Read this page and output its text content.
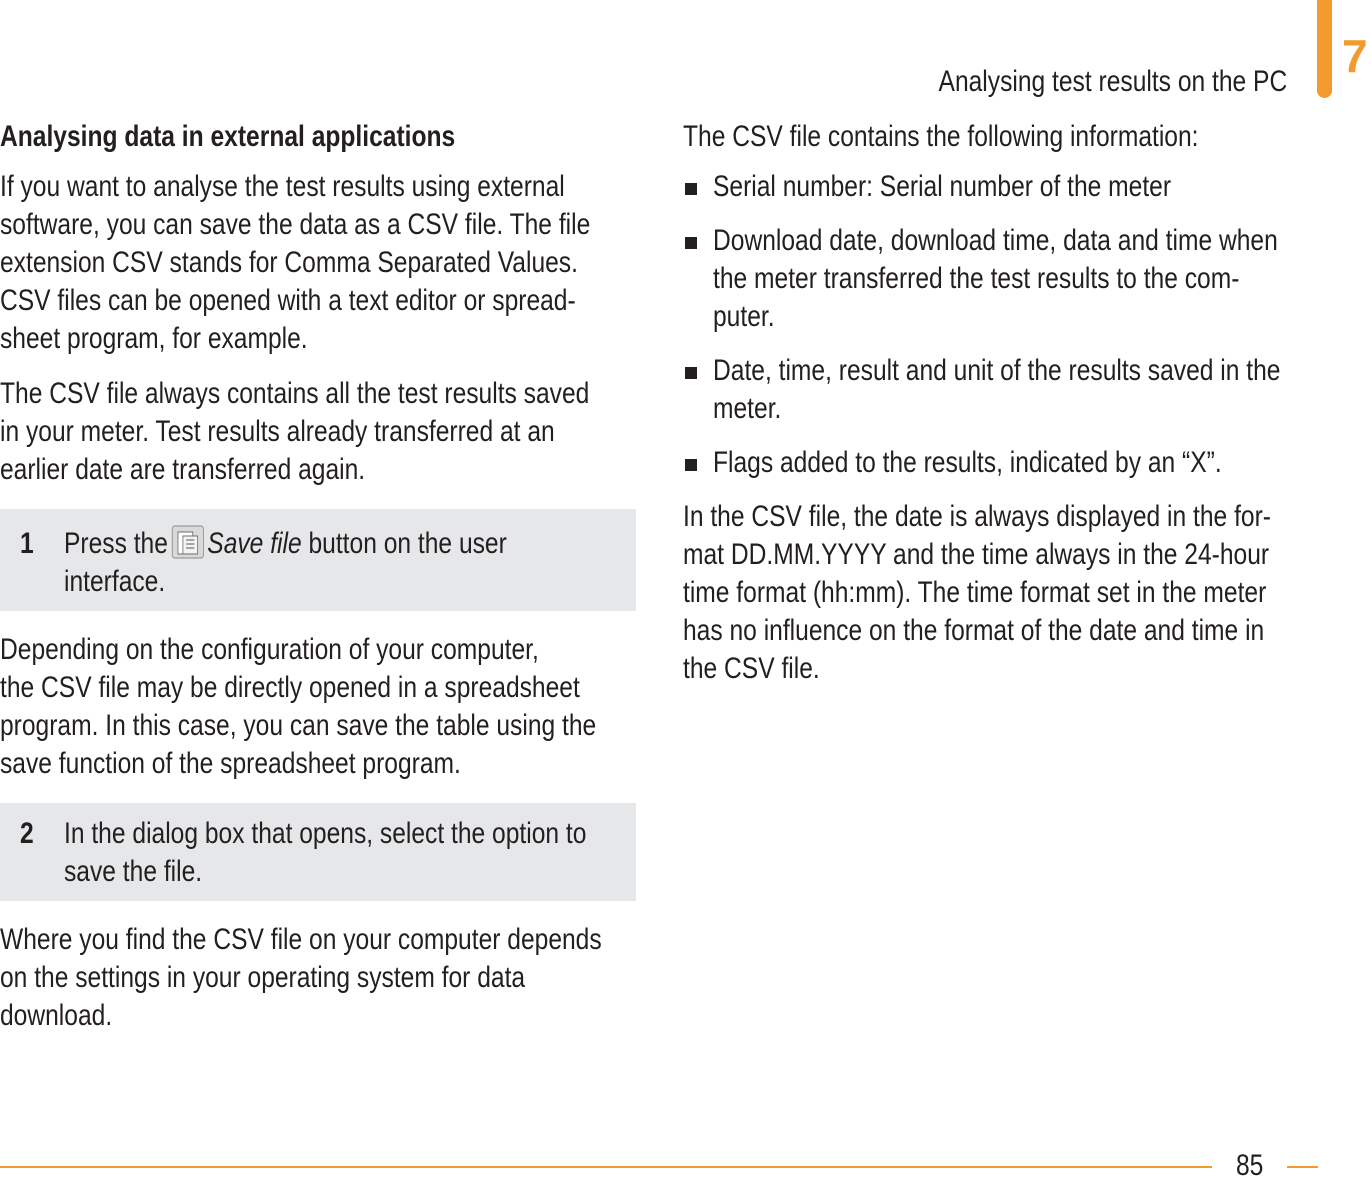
Analysing test results on the PC 7
Analysing data in external applications

If you want to analyse the test results using external

software, you can save the data as a CSV file. The file

extension CSV stands for Comma Separated Values.

CSV files can be opened with a text editor or spread-

sheet program, for example.

The CSV file always contains all the test results saved

in your meter. Test results already transferred at an

earlier date are transferred again.

1 Press the Save file button on the user

interface.

Depending on the configuration of your computer,

the CSV file may be directly opened in a spreadsheet

program. In this case, you can save the table using the

save function of the spreadsheet program.

2 In the dialog box that opens, select the option to

save the file.

Where you find the CSV file on your computer depends

on the settings in your operating system for data

download.

The CSV file contains the following information:

Serial number: Serial number of the meter

Download date, download time, data and time when

the meter transferred the test results to the com-

puter.

Date, time, result and unit of the results saved in the

meter.

Flags added to the results, indicated by an “X”.

In the CSV file, the date is always displayed in the for-

mat DD.MM.YYYY and the time always in the 24-hour

time format (hh:mm). The time format set in the meter

has no influence on the format of the date and time in

the CSV file.

85
